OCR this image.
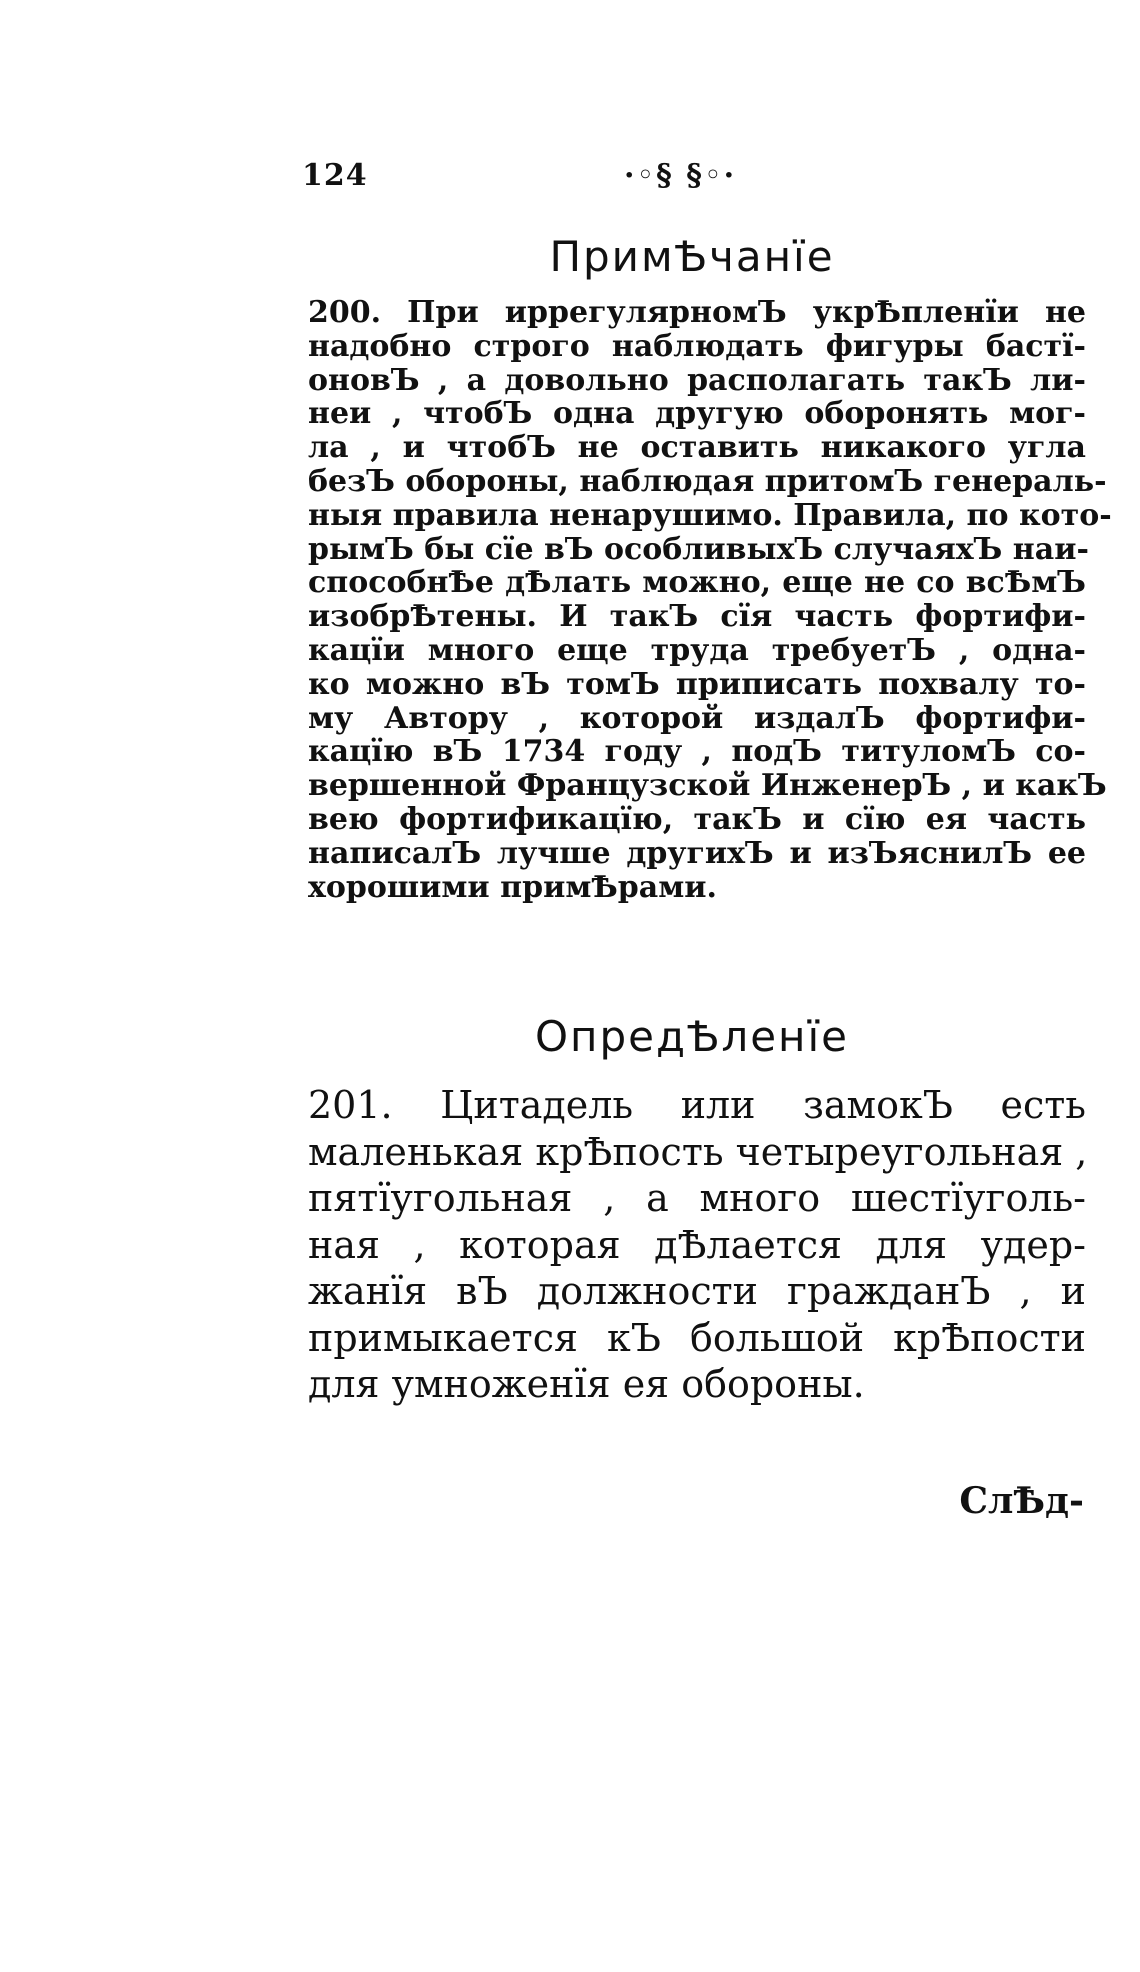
124	·◦§ §◦·
ПримѢчанїе
200. При иррегулярномЪ укрѢпленїи не
надобно строго наблюдать фигуры бастї-
оновЪ , а довольно располагать такЪ ли-
неи , чтобЪ одна другую оборонять мог-
ла , и чтобЪ не оставить никакого угла
безЪ обороны, наблюдая притомЪ генераль-
ныя правила ненарушимо. Правила, по кото-
рымЪ бы сїе вЪ особливыхЪ случаяхЪ наи-
способнѢе дѢлать можно, еще не со всѢмЪ
изобрѢтены. И такЪ сїя часть фортифи-
кацїи много еще труда требуетЪ , одна-
ко можно вЪ томЪ приписать похвалу то-
му Автору , которой издалЪ фортифи-
кацїю вЪ 1734 году , подЪ титуломЪ со-
вершенной Французской ИнженерЪ , и какЪ
вею фортификацїю, такЪ и сїю ея часть
написалЪ лучше другихЪ и изЪяснилЪ ее
хорошими примѢрами.
ОпредѢленїе
201. Цитадель или замокЪ есть
маленькая крѢпость четыреугольная ,
пятїугольная , а много шестїуголь-
ная , которая дѢлается для удер-
жанїя вЪ должности гражданЪ , и
примыкается кЪ большой крѢпости
для умноженїя ея обороны.
СлѢд-
